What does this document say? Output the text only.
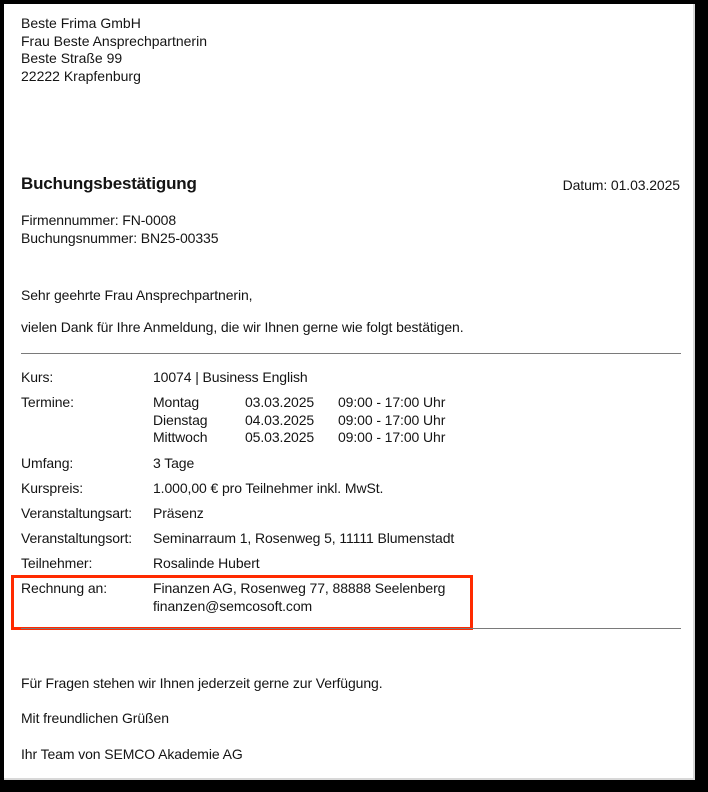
Beste Frima GmbH
Frau Beste Ansprechpartnerin
Beste Straße 99
22222 Krapfenburg
Buchungsbestätigung	Datum: 01.03.2025
Firmennummer: FN-0008
Buchungsnummer: BN25-00335
Sehr geehrte Frau Ansprechpartnerin,
vielen Dank für Ihre Anmeldung, die wir Ihnen gerne wie folgt bestätigen.
Kurs:	10074 | Business English
Termine:	Montag	03.03.2025 09:00 - 17:00 Uhr
Dienstag	04.03.2025 09:00 - 17:00 Uhr
Mittwoch	05.03.2025 09:00 - 17:00 Uhr
Umfang:	3 Tage
Kurspreis:	1.000,00 € pro Teilnehmer inkl. MwSt.
Veranstaltungsart: Präsenz
Veranstaltungsort: Seminarraum 1, Rosenweg 5, 11111 Blumenstadt
Teilnehmer:	Rosalinde Hubert
Rechnung an:	Finanzen AG, Rosenweg 77, 88888 Seelenberg
finanzen@semcosoft.com
Für Fragen stehen wir Ihnen jederzeit gerne zur Verfügung.
Mit freundlichen Grüßen
Ihr Team von SEMCO Akademie AG
